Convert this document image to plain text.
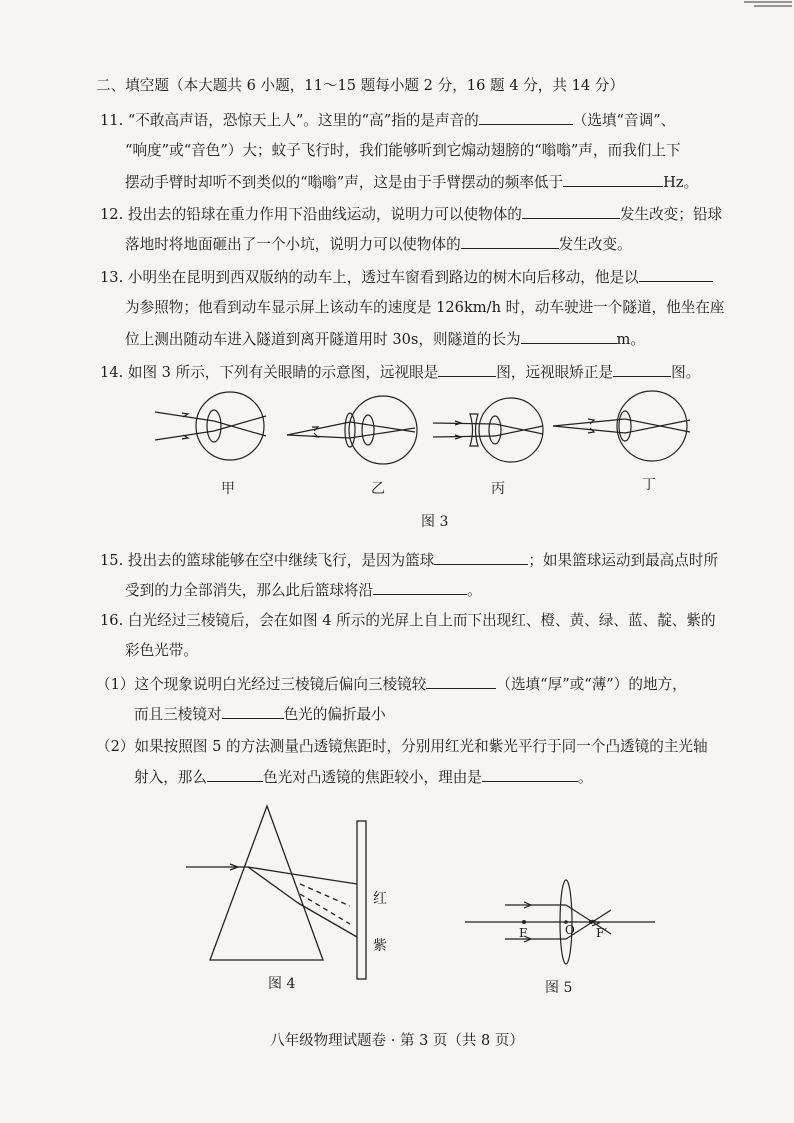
二、填空题（本大题共 6 小题，11～15 题每小题 2 分，16 题 4 分，共 14 分）
11. “不敢高声语，恐惊天上人”。这里的“高”指的是声音的	（选填“音调”、
“响度”或“音色”）大；蚊子飞行时，我们能够听到它煽动翅膀的“嗡嗡”声，而我们上下
摆动手臂时却听不到类似的“嗡嗡”声，这是由于手臂摆动的频率低于	Hz。
12. 投出去的铅球在重力作用下沿曲线运动，说明力可以使物体的	发生改变；铅球
落地时将地面砸出了一个小坑，说明力可以使物体的	发生改变。
13. 小明坐在昆明到西双版纳的动车上，透过车窗看到路边的树木向后移动，他是以
为参照物；他看到动车显示屏上该动车的速度是 126km/h 时，动车驶进一个隧道，他坐在座
位上测出随动车进入隧道到离开隧道用时 30s，则隧道的长为	m。
14. 如图 3 所示，下列有关眼睛的示意图，远视眼是	图，远视眼矫正是	图。
甲	乙	丙	丁
图 3
15. 投出去的篮球能够在空中继续飞行，是因为篮球	；如果篮球运动到最高点时所
受到的力全部消失，那么此后篮球将沿	。
16. 白光经过三棱镜后，会在如图 4 所示的光屏上自上而下出现红、橙、黄、绿、蓝、靛、紫的
彩色光带。
（1）这个现象说明白光经过三棱镜后偏向三棱镜较	（选填“厚”或“薄”）的地方，
而且三棱镜对	色光的偏折最小
（2）如果按照图 5 的方法测量凸透镜焦距时，分别用红光和紫光平行于同一个凸透镜的主光轴
射入，那么	色光对凸透镜的焦距较小，理由是	。
红
紫
图 4
F	O F′
图 5
八年级物理试题卷 · 第 3 页（共 8 页）
